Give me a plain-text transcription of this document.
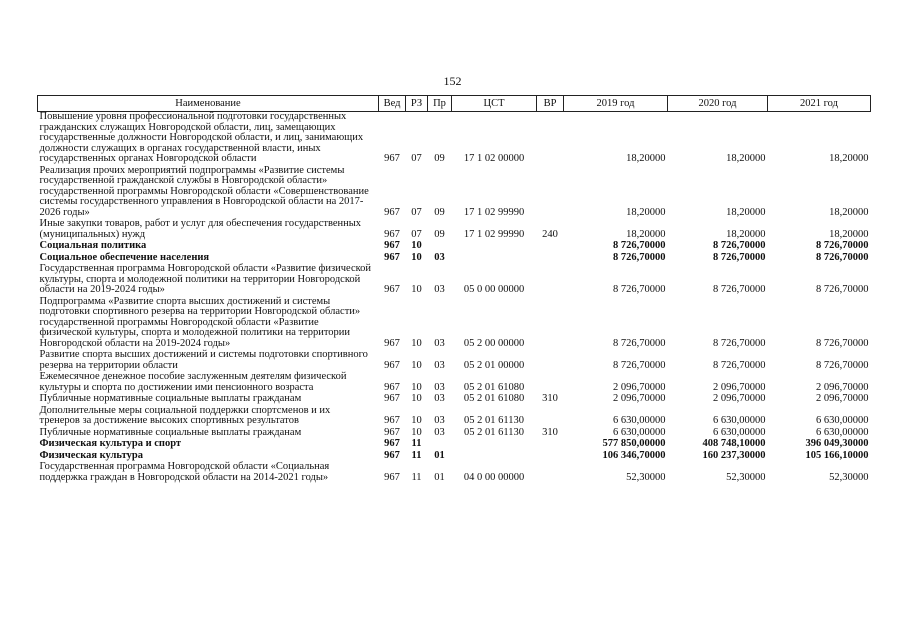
152
Наименование	Вед	РЗ	Пр	ЦСТ	ВР	2019 год	2020 год	2021 год
Повышение уровня профессиональной подготовки государственных гражданских служащих Новгородской области, лиц, замещающих государственные должности Новгородской области, и лиц, занимающих должности служащих в органах государственной власти, иных государственных органах Новгородской области	967	07	09	17 1 02 00000		18,20000	18,20000	18,20000
Реализация прочих мероприятий подпрограммы «Развитие системы государственной гражданской службы в Новгородской области» государственной программы Новгородской области «Совершенствование системы государственного управления в Новгородской области на 2017-2026 годы»	967	07	09	17 1 02 99990		18,20000	18,20000	18,20000
Иные закупки товаров, работ и услуг для обеспечения государственных (муниципальных) нужд	967	07	09	17 1 02 99990	240	18,20000	18,20000	18,20000
Социальная политика	967	10				8 726,70000	8 726,70000	8 726,70000
Социальное обеспечение населения	967	10	03			8 726,70000	8 726,70000	8 726,70000
Государственная программа Новгородской области «Развитие физической культуры, спорта и молодежной политики на территории Новгородской области на 2019-2024 годы»	967	10	03	05 0 00 00000		8 726,70000	8 726,70000	8 726,70000
Подпрограмма «Развитие спорта высших достижений и системы подготовки спортивного резерва на территории Новгородской области» государственной программы Новгородской области «Развитие физической культуры, спорта и молодежной политики на территории Новгородской области на 2019-2024 годы»	967	10	03	05 2 00 00000		8 726,70000	8 726,70000	8 726,70000
Развитие спорта высших достижений и системы подготовки спортивного резерва на территории области	967	10	03	05 2 01 00000		8 726,70000	8 726,70000	8 726,70000
Ежемесячное денежное пособие заслуженным деятелям физической культуры и спорта по достижении ими пенсионного возраста	967	10	03	05 2 01 61080		2 096,70000	2 096,70000	2 096,70000
Публичные нормативные социальные выплаты гражданам	967	10	03	05 2 01 61080	310	2 096,70000	2 096,70000	2 096,70000
Дополнительные меры социальной поддержки спортсменов и их тренеров за достижение высоких спортивных результатов	967	10	03	05 2 01 61130		6 630,00000	6 630,00000	6 630,00000
Публичные нормативные социальные выплаты гражданам	967	10	03	05 2 01 61130	310	6 630,00000	6 630,00000	6 630,00000
Физическая культура и спорт	967	11				577 850,00000	408 748,10000	396 049,30000
Физическая культура	967	11	01			106 346,70000	160 237,30000	105 166,10000
Государственная программа Новгородской области «Социальная поддержка граждан в Новгородской области на 2014-2021 годы»	967	11	01	04 0 00 00000		52,30000	52,30000	52,30000
